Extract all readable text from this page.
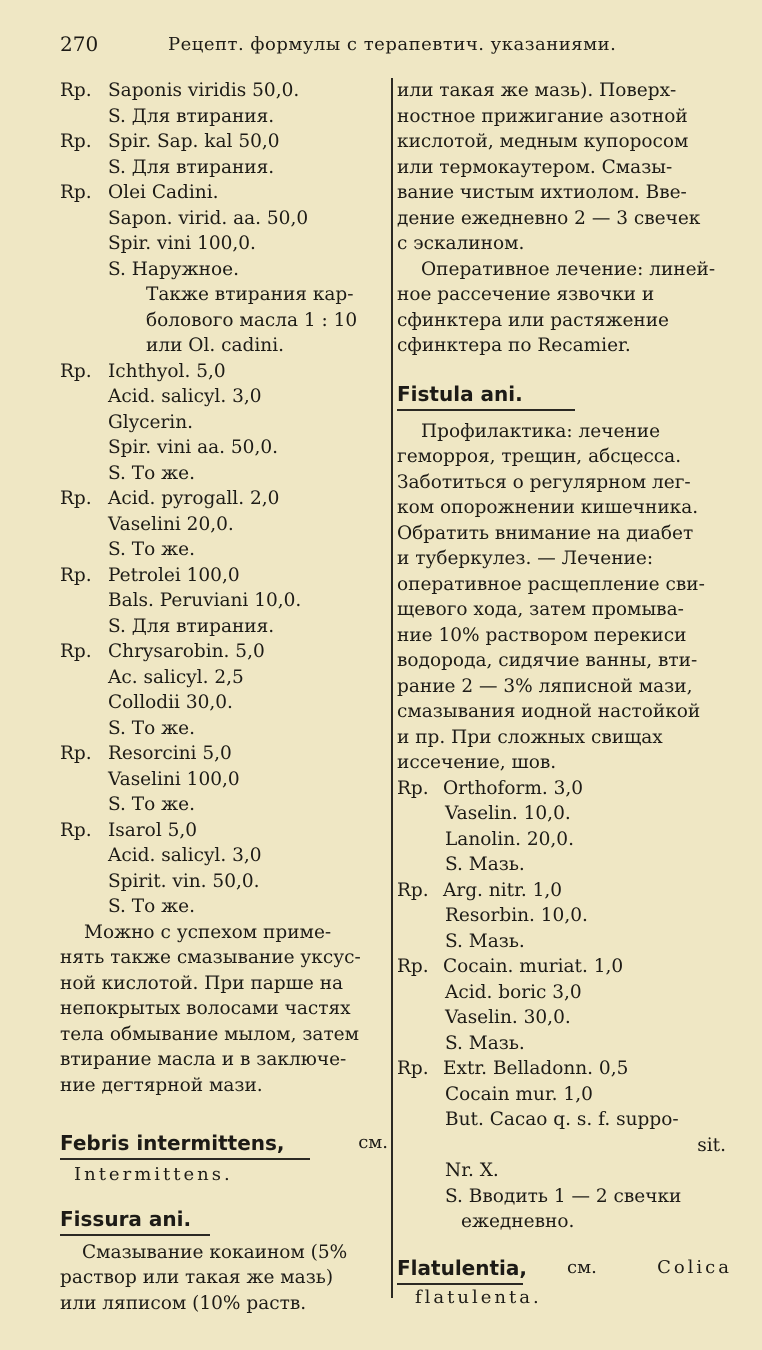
270	Рецепт. формулы с терапевтич. указаниями.
Rp. Saponis viridis 50,0.
S. Для втирания.
Rp. Spir. Sap. kal 50,0
S. Для втирания.
Rp. Olei Cadini.
Sapon. virid. aa. 50,0
Spir. vini 100,0.
S. Наружное.
Также втирания кар-
болового масла 1 : 10
или Ol. cadini.
Rp. Ichthyol. 5,0
Acid. salicyl. 3,0
Glycerin.
Spir. vini aa. 50,0.
S. То же.
Rp. Acid. pyrogall. 2,0
Vaselini 20,0.
S. То же.
Rp. Petrolei 100,0
Bals. Peruviani 10,0.
S. Для втирания.
Rp. Chrysarobin. 5,0
Ac. salicyl. 2,5
Collodii 30,0.
S. То же.
Rp. Resorcini 5,0
Vaselini 100,0
S. То же.
Rp. Isarol 5,0
Acid. salicyl. 3,0
Spirit. vin. 50,0.
S. То же.
Можно с успехом приме-
нять также смазывание уксус-
ной кислотой. При парше на
непокрытых волосами частях
тела обмывание мылом, затем
втирание масла и в заключе-
ние дегтярной мази.
Febris intermittens,	см.
Intermittens.
Fissura ani.
Смазывание кокаином (5%
раствор или такая же мазь)
или ляписом (10% раств.
или такая же мазь). Поверх-
ностное прижигание азотной
кислотой, медным купоросом
или термокаутером. Смазы-
вание чистым ихтиолом. Вве-
дение ежедневно 2 — 3 свечек
с эскалином.
Оперативное лечение: линей-
ное рассечение язвочки и
сфинктера или растяжение
сфинктера по Recamier.
Fistula ani.
Профилактика: лечение
геморроя, трещин, абсцесса.
Заботиться о регулярном лег-
ком опорожнении кишечника.
Обратить внимание на диабет
и туберкулез. — Лечение:
оперативное расщепление сви-
щевого хода, затем промыва-
ние 10% раствором перекиси
водорода, сидячие ванны, вти-
рание 2 — 3% ляписной мази,
смазывания иодной настойкой
и пр. При сложных свищах
иссечение, шов.
Rp. Orthoform. 3,0
Vaselin. 10,0.
Lanolin. 20,0.
S. Мазь.
Rp. Arg. nitr. 1,0
Resorbin. 10,0.
S. Мазь.
Rp. Cocain. muriat. 1,0
Acid. boric 3,0
Vaselin. 30,0.
S. Мазь.
Rp. Extr. Belladonn. 0,5
Cocain mur. 1,0
But. Cacao q. s. f. suppo-
sit.
Nr. X.
S. Вводить 1 — 2 свечки
ежедневно.
Flatulentia, см.	Colica
flatulenta.
